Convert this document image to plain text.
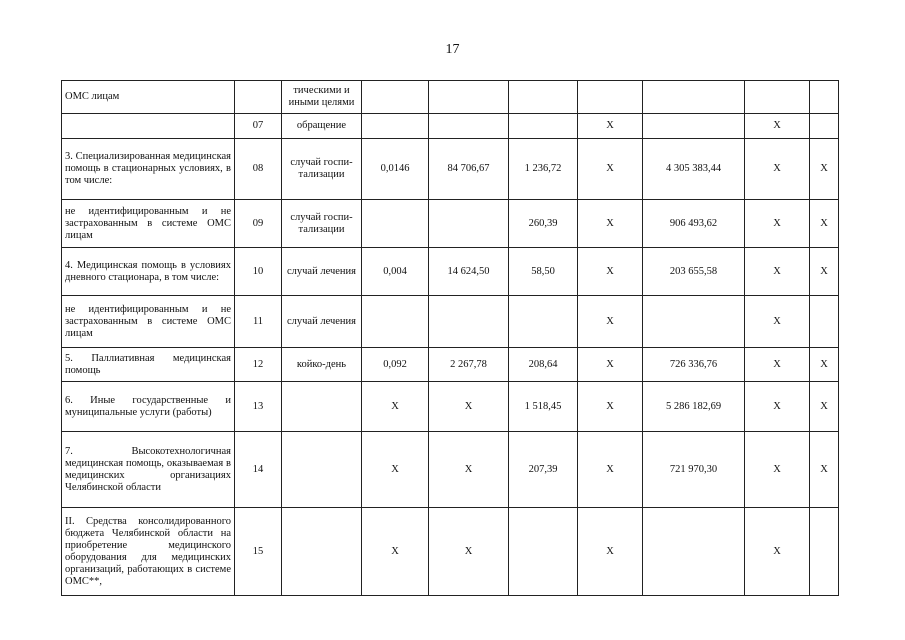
17
ОМС лицам		тическими и иными целями							
	07	обращение				X		X	
3. Специализированная медицинская помощь в стационарных условиях, в том числе:	08	случай госпи-тализации	0,0146	84 706,67	1 236,72	X	4 305 383,44	X	X
не идентифицированным и не застрахованным в системе ОМС лицам	09	случай госпи-тализации			260,39	X	906 493,62	X	X
4. Медицинская помощь в условиях дневного стационара, в том числе:	10	случай лечения	0,004	14 624,50	58,50	X	203 655,58	X	X
не идентифицированным и не застрахованным в системе ОМС лицам	11	случай лечения				X		X	
5. Паллиативная медицинская помощь	12	койко-день	0,092	2 267,78	208,64	X	726 336,76	X	X
6. Иные государственные и муниципальные услуги (работы)	13		X	X	1 518,45	X	5 286 182,69	X	X
7. Высокотехнологичная медицинская помощь, оказываемая в медицинских организациях Челябинской области	14		X	X	207,39	X	721 970,30	X	X
II. Средства консолидированного бюджета Челябинской области на приобретение медицинского оборудования для медицинских организаций, работающих в системе ОМС**,	15		X	X		X		X	
